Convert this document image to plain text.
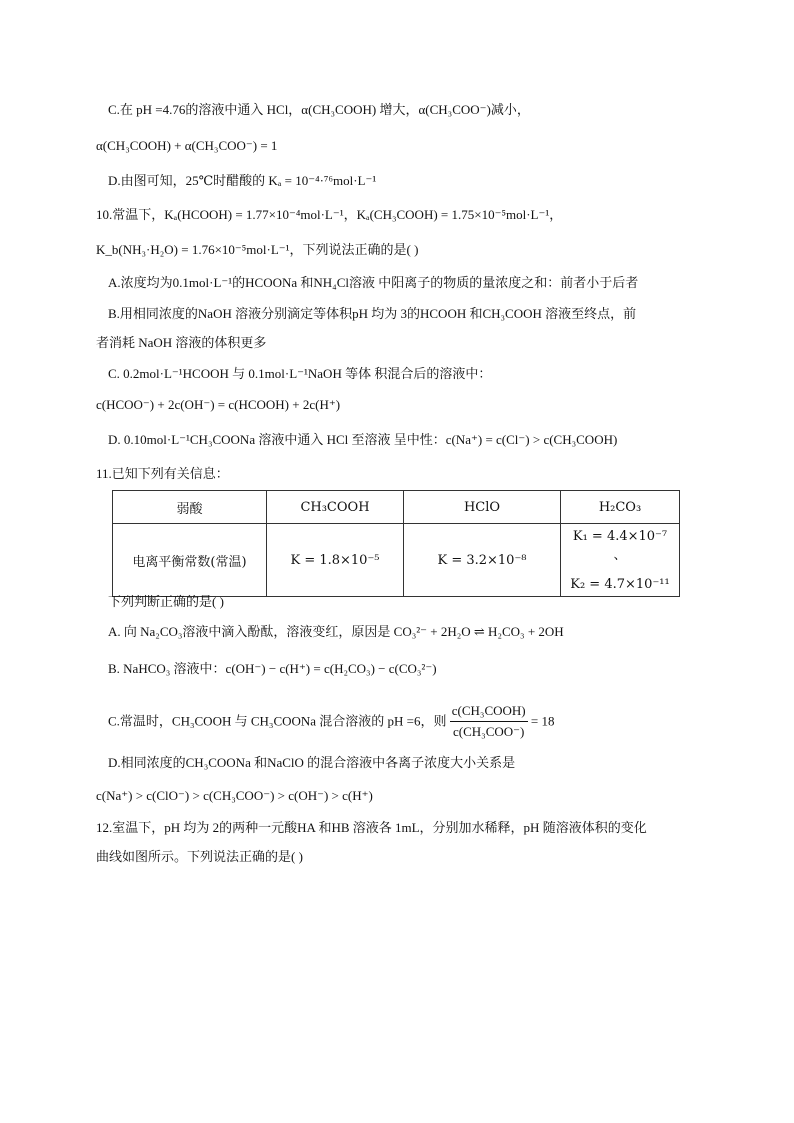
C.在 pH =4.76的溶液中通入 HCl，α(CH₃COOH) 增大，α(CH₃COO⁻)减小，
α(CH₃COOH) + α(CH₃COO⁻) = 1
D.由图可知，25℃时醋酸的 Kₐ = 10⁻⁴·⁷⁶mol·L⁻¹
10.常温下，Kₐ(HCOOH) = 1.77×10⁻⁴mol·L⁻¹，Kₐ(CH₃COOH) = 1.75×10⁻⁵mol·L⁻¹，
K_b(NH₃·H₂O) = 1.76×10⁻⁵mol·L⁻¹，下列说法正确的是( )
A.浓度均为0.1mol·L⁻¹的HCOONa 和NH₄Cl溶液 中阳离子的物质的量浓度之和：前者小于后者
B.用相同浓度的NaOH 溶液分别滴定等体积pH 均为 3的HCOOH 和CH₃COOH 溶液至终点，前
者消耗 NaOH 溶液的体积更多
C. 0.2mol·L⁻¹HCOOH 与 0.1mol·L⁻¹NaOH 等体 积混合后的溶液中：
c(HCOO⁻) + 2c(OH⁻) = c(HCOOH) + 2c(H⁺)
D. 0.10mol·L⁻¹CH₃COONa 溶液中通入 HCl 至溶液 呈中性：c(Na⁺) = c(Cl⁻) > c(CH₃COOH)
11.已知下列有关信息：
弱酸	CH₃COOH	HClO	H₂CO₃
电离平衡常数(常温)	K = 1.8×10⁻⁵	K = 3.2×10⁻⁸	K₁ = 4.4×10⁻⁷ 、
K₂ = 4.7×10⁻¹¹
下列判断正确的是( )
A. 向 Na₂CO₃溶液中滴入酚酞，溶液变红，原因是 CO₃²⁻ + 2H₂O ⇌ H₂CO₃ + 2OH
B. NaHCO₃ 溶液中：c(OH⁻) − c(H⁺) = c(H₂CO₃) − c(CO₃²⁻)
C.常温时，CH₃COOH 与 CH₃COONa 混合溶液的 pH =6，则 $\frac{\text{c(CH₃COOH)}}{\text{c(CH₃COO⁻)}} = 18$
D.相同浓度的CH₃COONa 和NaClO 的混合溶液中各离子浓度大小关系是
c(Na⁺) > c(ClO⁻) > c(CH₃COO⁻) > c(OH⁻) > c(H⁺)
12.室温下，pH 均为 2的两种一元酸HA 和HB 溶液各 1mL，分别加水稀释，pH 随溶液体积的变化
曲线如图所示。下列说法正确的是( )
